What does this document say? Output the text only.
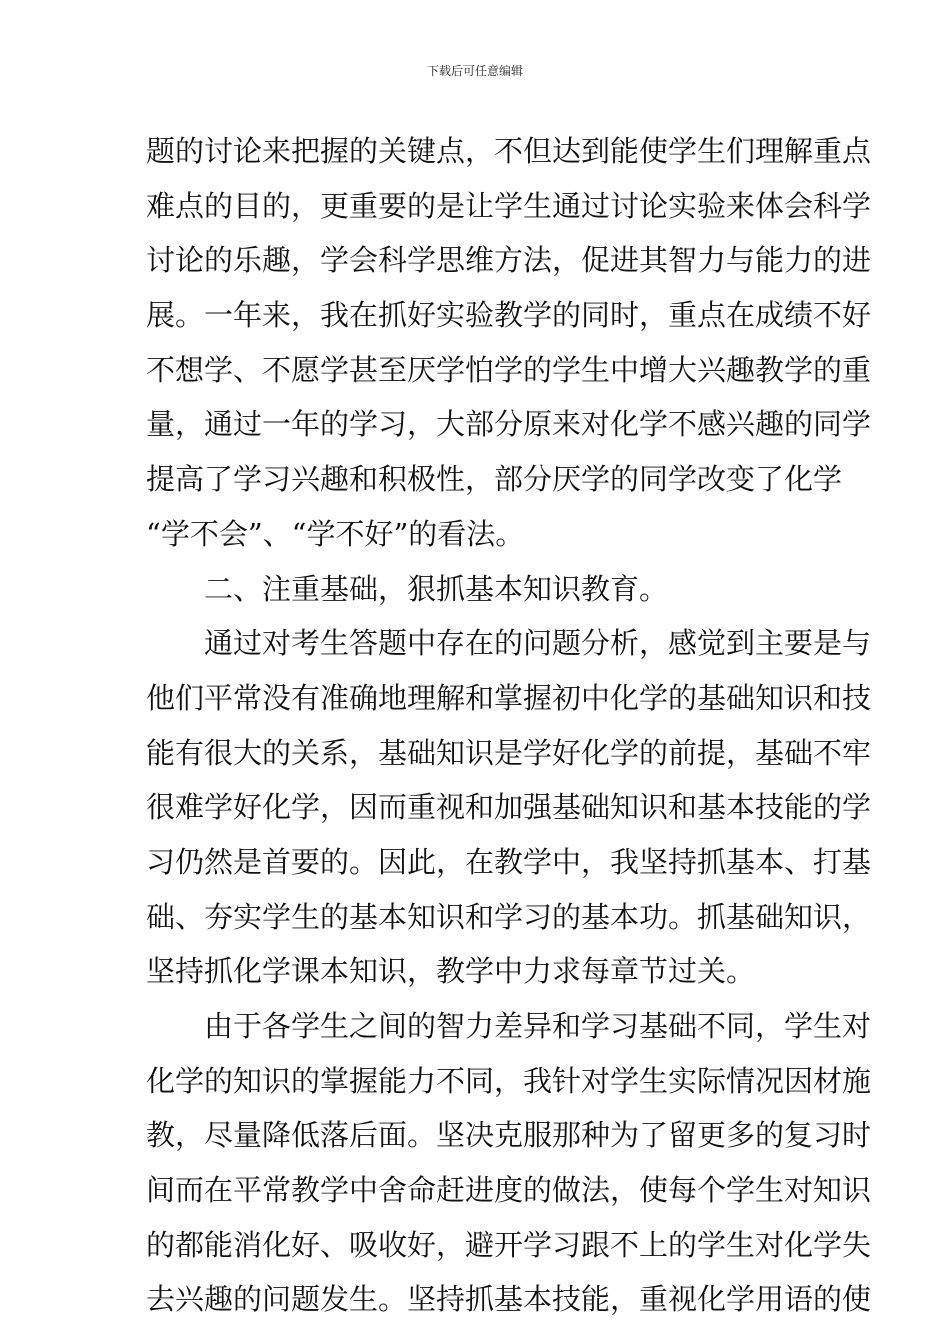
下载后可任意编辑
题的讨论来把握的关键点，不但达到能使学生们理解重点
难点的目的，更重要的是让学生通过讨论实验来体会科学
讨论的乐趣，学会科学思维方法，促进其智力与能力的进
展。一年来，我在抓好实验教学的同时，重点在成绩不好
不想学、不愿学甚至厌学怕学的学生中增大兴趣教学的重
量，通过一年的学习，大部分原来对化学不感兴趣的同学
提高了学习兴趣和积极性，部分厌学的同学改变了化学
“学不会”、“学不好”的看法。
二、注重基础，狠抓基本知识教育。
通过对考生答题中存在的问题分析，感觉到主要是与
他们平常没有准确地理解和掌握初中化学的基础知识和技
能有很大的关系，基础知识是学好化学的前提，基础不牢
很难学好化学，因而重视和加强基础知识和基本技能的学
习仍然是首要的。因此，在教学中，我坚持抓基本、打基
础、夯实学生的基本知识和学习的基本功。抓基础知识，
坚持抓化学课本知识，教学中力求每章节过关。
由于各学生之间的智力差异和学习基础不同，学生对
化学的知识的掌握能力不同，我针对学生实际情况因材施
教，尽量降低落后面。坚决克服那种为了留更多的复习时
间而在平常教学中舍命赶进度的做法，使每个学生对知识
的都能消化好、吸收好，避开学习跟不上的学生对化学失
去兴趣的问题发生。坚持抓基本技能，重视化学用语的使
